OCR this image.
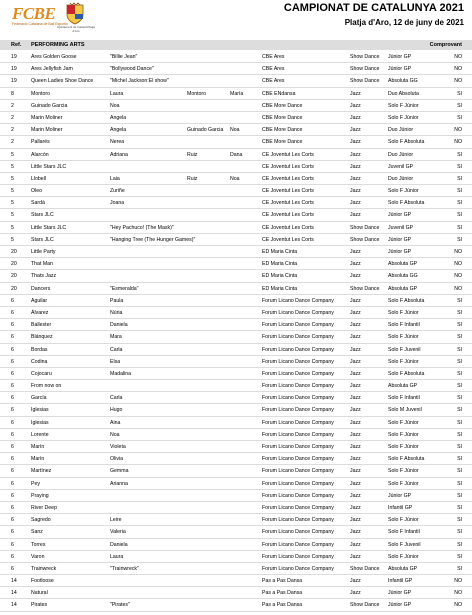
FCBE
Federació Catalana de Ball Esportiu
Ajuntament de Castell-Platja d'Aro
CAMPIONAT DE CATALUNYA 2021
Platja d'Aro, 12 de juny de 2021
Ref. PERFORMING ARTS	Comprovant
19	Ares Golden Goose	"Billie Jean"	CBE Ares	Show Dance Júnior GP	NO
19	Ares Jellyfish Jam	"Bollywood Dance"	CBE Ares	Show Dance Júnior GP	NO
19	Queen Ladies Shoe Dance	"Michel Jackson:El show"	CBE Ares	Show Dance Absoluta GG	NO
8	Montoro	Laura	Montoro	María	CBE ENdansa	Jazz	Duo Absoluta	SI
2	Guinado Garcia	Noa	CBE More Dance	Jazz	Solo F Júnior	SI
2	Marin Moliner	Angela	CBE More Dance	Jazz	Solo F Júnior	SI
2	Marin Moliner	Angela	Guinado Garcia Noa	CBE More Dance	Jazz	Duo Júnior	NO
2	Pallarés	Nerea	CBE More Dance	Jazz	Solo F Absoluta	NO
5	Alarcón	Adriana	Ruiz	Dana	CE Joventut Les Corts	Jazz	Duo Júnior	SI
5	Little Stars JLC	CE Joventut Les Corts	Jazz	Juvenil GP	SI
5	Llobell	Laia	Ruiz	Noa	CE Joventut Les Corts	Jazz	Duo Júnior	SI
5	Oleo	Zuriñe	CE Joventut Les Corts	Jazz	Solo F Júnior	SI
5	Sardà	Joana	CE Joventut Les Corts	Jazz	Solo F Absoluta	SI
5	Stars JLC	CE Joventut Les Corts	Jazz	Júnior GP	SI
5	Little Stars JLC	"Hey Pachuco! (The Mask)"	CE Joventut Les Corts	Show Dance Juvenil GP	SI
5	Stars JLC	"Hanging Tree (The Hunger Games)"	CE Joventut Les Corts	Show Dance Júnior GP	SI
20	Little Party	ED Maria Cinta	Jazz	Júnior GP	NO
20	That Man	ED Maria Cinta	Jazz	Absoluta GP	NO
20	Thats Jazz	ED Maria Cinta	Jazz	Absoluta GG	NO
20	Dancers	"Esmeralda"	ED Maria Cinta	Show Dance Absoluta GP	NO
6	Aguilar	Paula	Forum Licano Dance Company	Jazz	Solo F Absoluta	SI
6	Álvarez	Núria	Forum Licano Dance Company	Jazz	Solo F Júnior	SI
6	Ballester	Daniela	Forum Licano Dance Company	Jazz	Solo F Infantil	SI
6	Blánquez	Mara	Forum Licano Dance Company	Jazz	Solo F Júnior	SI
6	Bordas	Carla	Forum Licano Dance Company	Jazz	Solo F Juvenil	SI
6	Codina	Elsa	Forum Licano Dance Company	Jazz	Solo F Júnior	SI
6	Cojocaru	Madalina	Forum Licano Dance Company	Jazz	Solo F Absoluta	SI
6	From now on	Forum Licano Dance Company	Jazz	Absoluta GP	SI
6	García	Carla	Forum Licano Dance Company	Jazz	Solo F Infantil	SI
6	Iglesias	Hugo	Forum Licano Dance Company	Jazz	Solo M Juvenil	SI
6	Iglesias	Aina	Forum Licano Dance Company	Jazz	Solo F Júnior	SI
6	Lorente	Noa	Forum Licano Dance Company	Jazz	Solo F Júnior	SI
6	Marín	Violeta	Forum Licano Dance Company	Jazz	Solo F Júnior	SI
6	Marín	Olivia	Forum Licano Dance Company	Jazz	Solo F Absoluta	SI
6	Martínez	Gemma	Forum Licano Dance Company	Jazz	Solo F Júnior	SI
6	Pey	Arianna	Forum Licano Dance Company	Jazz	Solo F Júnior	SI
6	Praying	Forum Licano Dance Company	Jazz	Júnior GP	SI
6	River Deep	Forum Licano Dance Company	Jazz	Infantil GP	SI
6	Sagredo	Leire	Forum Licano Dance Company	Jazz	Solo F Júnior	SI
6	Sanz	Valeria	Forum Licano Dance Company	Jazz	Solo F Infantil	SI
6	Torres	Daniela	Forum Licano Dance Company	Jazz	Solo F Juvenil	SI
6	Varon	Laura	Forum Licano Dance Company	Jazz	Solo F Júnior	SI
6	Trainwreck	"Trainwreck"	Forum Licano Dance Company	Show Dance Absoluta GP	SI
14	Footloose	Pas a Pas Dansa	Jazz	Infantil GP	NO
14	Natural	Pas a Pas Dansa	Jazz	Júnior GP	NO
14	Pirates	"Pirates"	Pas a Pas Dansa	Show Dance Júnior GP	NO
